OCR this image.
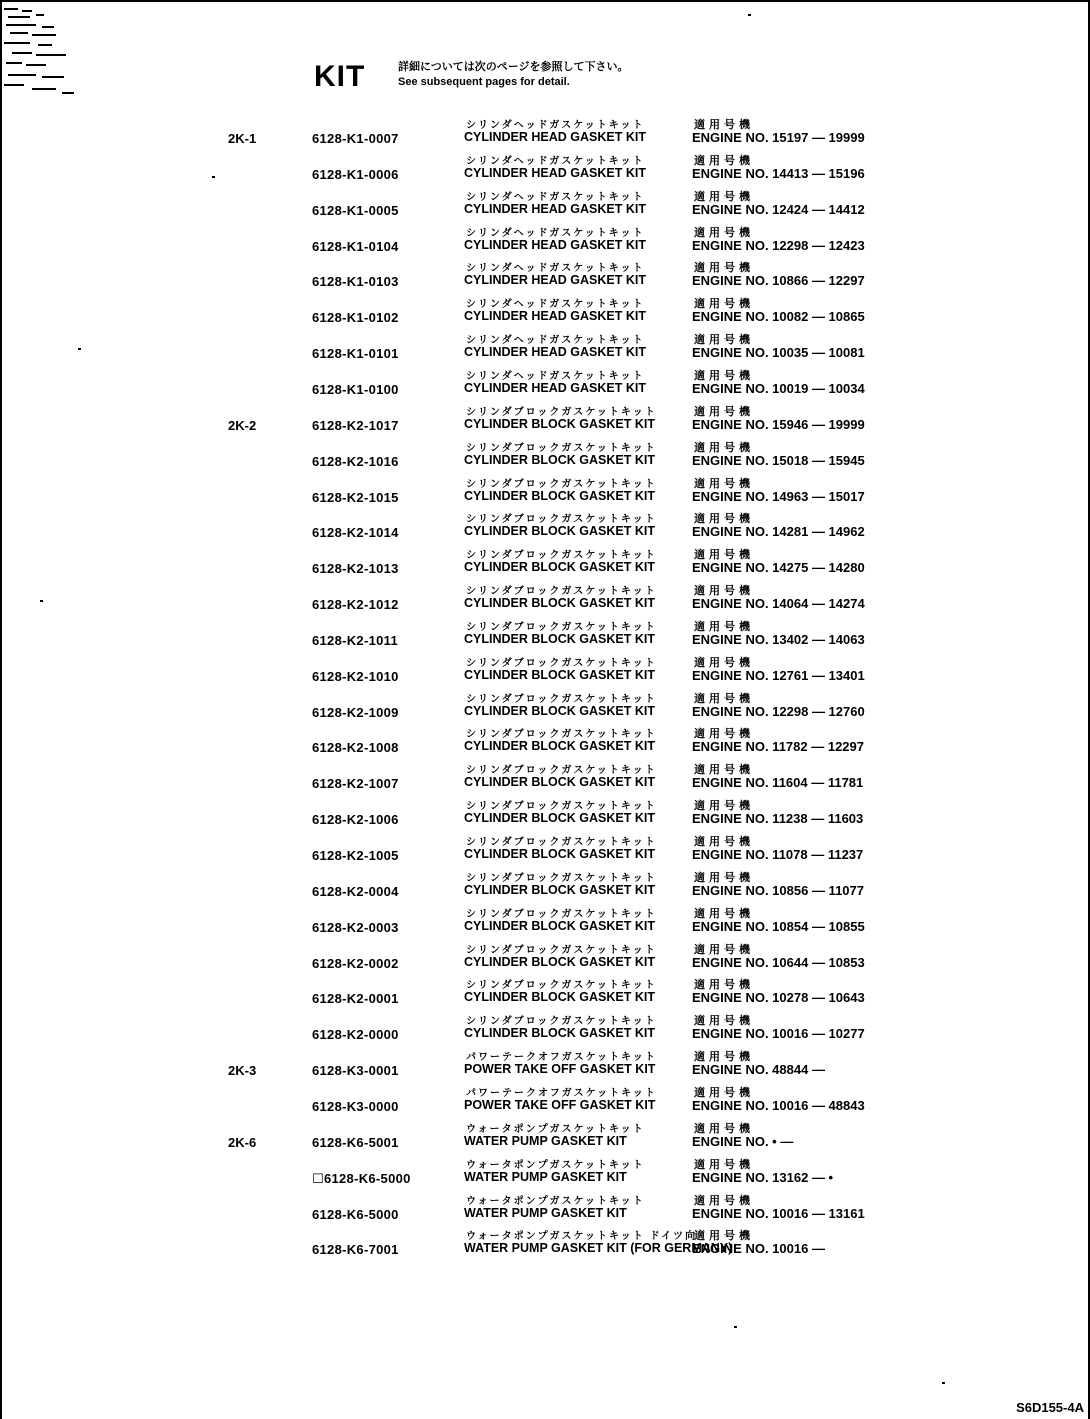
KIT	詳細については次のページを参照して下さい。
See subsequent pages for detail.
2K-1	6128-K1-0007
シリンダヘッドガスケットキット
CYLINDER HEAD GASKET KIT
適用号機
ENGINE NO. 15197 — 19999
6128-K1-0006
シリンダヘッドガスケットキット
CYLINDER HEAD GASKET KIT
適用号機
ENGINE NO. 14413 — 15196
6128-K1-0005
シリンダヘッドガスケットキット
CYLINDER HEAD GASKET KIT
適用号機
ENGINE NO. 12424 — 14412
6128-K1-0104
シリンダヘッドガスケットキット
CYLINDER HEAD GASKET KIT
適用号機
ENGINE NO. 12298 — 12423
6128-K1-0103
シリンダヘッドガスケットキット
CYLINDER HEAD GASKET KIT
適用号機
ENGINE NO. 10866 — 12297
6128-K1-0102
シリンダヘッドガスケットキット
CYLINDER HEAD GASKET KIT
適用号機
ENGINE NO. 10082 — 10865
6128-K1-0101
シリンダヘッドガスケットキット
CYLINDER HEAD GASKET KIT
適用号機
ENGINE NO. 10035 — 10081
6128-K1-0100
シリンダヘッドガスケットキット
CYLINDER HEAD GASKET KIT
適用号機
ENGINE NO. 10019 — 10034
2K-2	6128-K2-1017
シリンダブロックガスケットキット
CYLINDER BLOCK GASKET KIT
適用号機
ENGINE NO. 15946 — 19999
6128-K2-1016
シリンダブロックガスケットキット
CYLINDER BLOCK GASKET KIT
適用号機
ENGINE NO. 15018 — 15945
6128-K2-1015
シリンダブロックガスケットキット
CYLINDER BLOCK GASKET KIT
適用号機
ENGINE NO. 14963 — 15017
6128-K2-1014
シリンダブロックガスケットキット
CYLINDER BLOCK GASKET KIT
適用号機
ENGINE NO. 14281 — 14962
6128-K2-1013
シリンダブロックガスケットキット
CYLINDER BLOCK GASKET KIT
適用号機
ENGINE NO. 14275 — 14280
6128-K2-1012
シリンダブロックガスケットキット
CYLINDER BLOCK GASKET KIT
適用号機
ENGINE NO. 14064 — 14274
6128-K2-1011
シリンダブロックガスケットキット
CYLINDER BLOCK GASKET KIT
適用号機
ENGINE NO. 13402 — 14063
6128-K2-1010
シリンダブロックガスケットキット
CYLINDER BLOCK GASKET KIT
適用号機
ENGINE NO. 12761 — 13401
6128-K2-1009
シリンダブロックガスケットキット
CYLINDER BLOCK GASKET KIT
適用号機
ENGINE NO. 12298 — 12760
6128-K2-1008
シリンダブロックガスケットキット
CYLINDER BLOCK GASKET KIT
適用号機
ENGINE NO. 11782 — 12297
6128-K2-1007
シリンダブロックガスケットキット
CYLINDER BLOCK GASKET KIT
適用号機
ENGINE NO. 11604 — 11781
6128-K2-1006
シリンダブロックガスケットキット
CYLINDER BLOCK GASKET KIT
適用号機
ENGINE NO. 11238 — 11603
6128-K2-1005
シリンダブロックガスケットキット
CYLINDER BLOCK GASKET KIT
適用号機
ENGINE NO. 11078 — 11237
6128-K2-0004
シリンダブロックガスケットキット
CYLINDER BLOCK GASKET KIT
適用号機
ENGINE NO. 10856 — 11077
6128-K2-0003
シリンダブロックガスケットキット
CYLINDER BLOCK GASKET KIT
適用号機
ENGINE NO. 10854 — 10855
6128-K2-0002
シリンダブロックガスケットキット
CYLINDER BLOCK GASKET KIT
適用号機
ENGINE NO. 10644 — 10853
6128-K2-0001
シリンダブロックガスケットキット
CYLINDER BLOCK GASKET KIT
適用号機
ENGINE NO. 10278 — 10643
6128-K2-0000
シリンダブロックガスケットキット
CYLINDER BLOCK GASKET KIT
適用号機
ENGINE NO. 10016 — 10277
2K-3	6128-K3-0001
パワーテークオフガスケットキット
POWER TAKE OFF GASKET KIT
適用号機
ENGINE NO. 48844 —
6128-K3-0000
パワーテークオフガスケットキット
POWER TAKE OFF GASKET KIT
適用号機
ENGINE NO. 10016 — 48843
2K-6	6128-K6-5001
ウォータポンプガスケットキット
WATER PUMP GASKET KIT
適用号機
ENGINE NO. • —
☐6128-K6-5000
ウォータポンプガスケットキット
WATER PUMP GASKET KIT
適用号機
ENGINE NO. 13162 — •
6128-K6-5000
ウォータポンプガスケットキット
WATER PUMP GASKET KIT
適用号機
ENGINE NO. 10016 — 13161
6128-K6-7001
ウォータポンプガスケットキット ドイツ向
WATER PUMP GASKET KIT (FOR GERMANY)
適用号機
ENGINE NO. 10016 —
S6D155-4A
